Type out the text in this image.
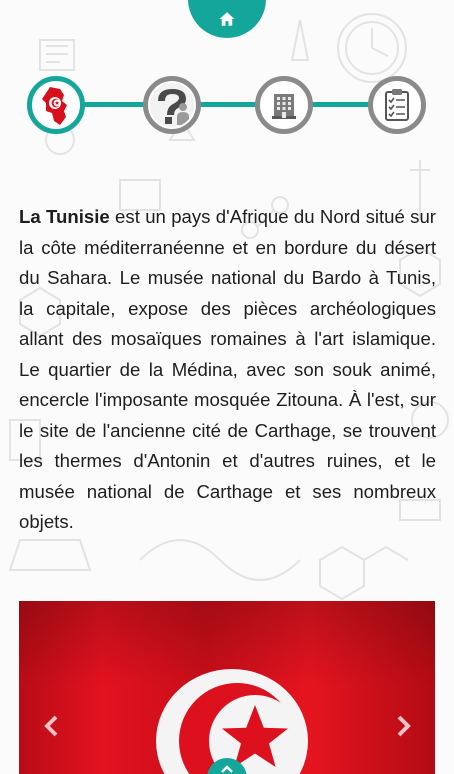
La Tunisie est un pays d'Afrique du Nord situé sur la côte méditerranéenne et en bordure du désert du Sahara. Le musée national du Bardo à Tunis, la capitale, expose des pièces archéologiques allant des mosaïques romaines à l'art islamique. Le quartier de la Médina, avec son souk animé, encercle l'imposante mosquée Zitouna. À l'est, sur le site de l'ancienne cité de Carthage, se trouvent les thermes d'Antonin et d'autres ruines, et le musée national de Carthage et ses nombreux objets.
